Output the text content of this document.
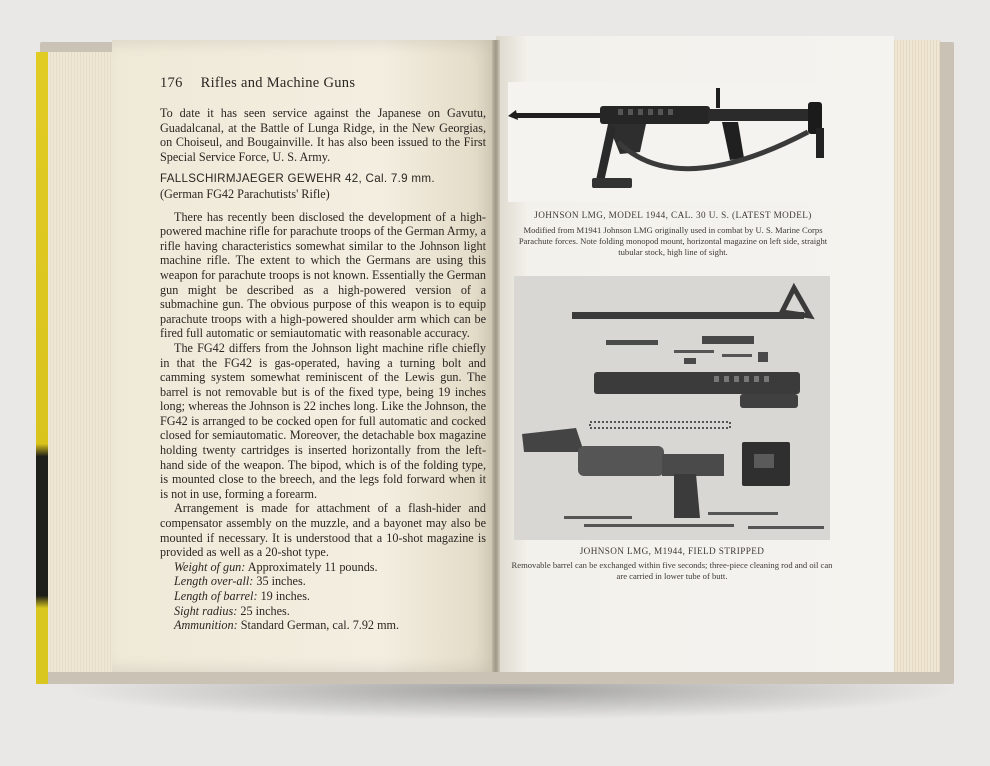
176 Rifles and Machine Guns

To date it has seen service against the Japanese on Gavutu, Guadalcanal, at the Battle of Lunga Ridge, in the New Georgias, on Choiseul, and Bougainville. It has also been issued to the First Special Service Force, U. S. Army.

FALLSCHIRMJAEGER GEWEHR 42, Cal. 7.9 mm.

(German FG42 Parachutists' Rifle)

There has recently been disclosed the development of a high-powered machine rifle for parachute troops of the German Army, a rifle having characteristics somewhat similar to the Johnson light machine rifle. The extent to which the Germans are using this weapon for parachute troops is not known. Essentially the German gun might be described as a high-powered version of a submachine gun. The obvious purpose of this weapon is to equip parachute troops with a high-powered shoulder arm which can be fired full automatic or semiautomatic with reasonable accuracy.

The FG42 differs from the Johnson light machine rifle chiefly in that the FG42 is gas-operated, having a turning bolt and camming system somewhat reminiscent of the Lewis gun. The barrel is not removable but is of the fixed type, being 19 inches long; whereas the Johnson is 22 inches long. Like the Johnson, the FG42 is arranged to be cocked open for full automatic and cocked closed for semiautomatic. Moreover, the detachable box magazine holding twenty cartridges is inserted horizontally from the left-hand side of the weapon. The bipod, which is of the folding type, is mounted close to the breech, and the legs fold forward when it is not in use, forming a forearm.

Arrangement is made for attachment of a flash-hider and compensator assembly on the muzzle, and a bayonet may also be mounted if necessary. It is understood that a 10-shot magazine is provided as well as a 20-shot type.

Weight of gun: Approximately 11 pounds.

Length over-all: 35 inches.

Length of barrel: 19 inches.

Sight radius: 25 inches.

Ammunition: Standard German, cal. 7.92 mm.

JOHNSON LMG, MODEL 1944, CAL. 30 U. S. (LATEST MODEL)
Modified from M1941 Johnson LMG originally used in combat by U. S. Marine Corps Parachute forces. Note folding monopod mount, horizontal magazine on left side, straight tubular stock, high line of sight.
JOHNSON LMG, M1944, FIELD STRIPPED
Removable barrel can be exchanged within five seconds; three-piece cleaning rod and oil can are carried in lower tube of butt.
